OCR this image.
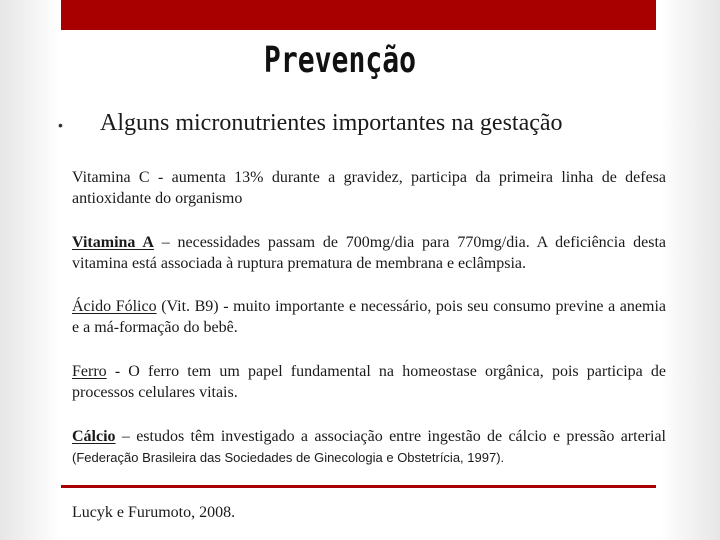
Prevenção
• Alguns micronutrientes importantes na gestação
Vitamina C - aumenta 13% durante a gravidez, participa da primeira linha de defesa antioxidante do organismo
Vitamina A – necessidades passam de 700mg/dia para 770mg/dia. A deficiência desta vitamina está associada à ruptura prematura de membrana e eclâmpsia.
Ácido Fólico (Vit. B9) - muito importante e necessário, pois seu consumo previne a anemia e a má-formação do bebê.
Ferro - O ferro tem um papel fundamental na homeostase orgânica, pois participa de processos celulares vitais.
Cálcio – estudos têm investigado a associação entre ingestão de cálcio e pressão arterial (Federação Brasileira das Sociedades de Ginecologia e Obstetrícia, 1997).
Lucyk e Furumoto, 2008.
